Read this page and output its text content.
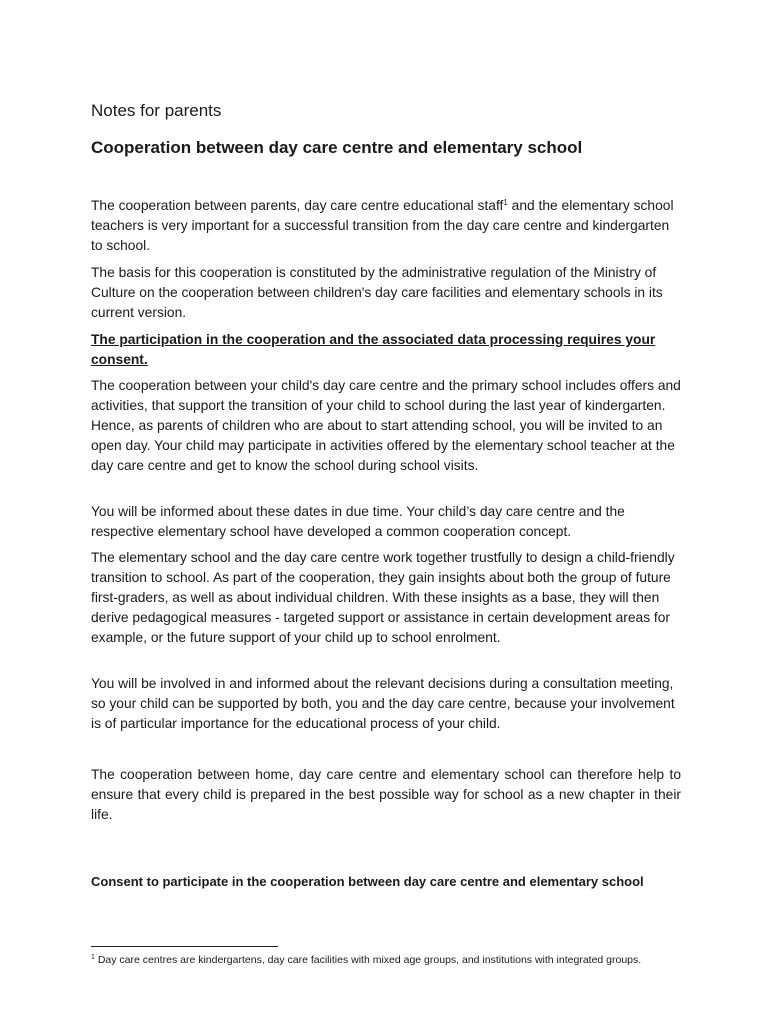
Notes for parents
Cooperation between day care centre and elementary school
The cooperation between parents, day care centre educational staff$^1$ and the elementary school teachers is very important for a successful transition from the day care centre and kindergarten to school.
The basis for this cooperation is constituted by the administrative regulation of the Ministry of Culture on the cooperation between children's day care facilities and elementary schools in its current version.
The participation in the cooperation and the associated data processing requires your consent.
The cooperation between your child's day care centre and the primary school includes offers and activities, that support the transition of your child to school during the last year of kindergarten. Hence, as parents of children who are about to start attending school, you will be invited to an open day. Your child may participate in activities offered by the elementary school teacher at the day care centre and get to know the school during school visits.
You will be informed about these dates in due time. Your child’s day care centre and the respective elementary school have developed a common cooperation concept.
The elementary school and the day care centre work together trustfully to design a child-friendly transition to school. As part of the cooperation, they gain insights about both the group of future first-graders, as well as about individual children. With these insights as a base, they will then derive pedagogical measures - targeted support or assistance in certain development areas for example, or the future support of your child up to school enrolment.
You will be involved in and informed about the relevant decisions during a consultation meeting, so your child can be supported by both, you and the day care centre, because your involvement is of particular importance for the educational process of your child.
The cooperation between home, day care centre and elementary school can therefore help to ensure that every child is prepared in the best possible way for school as a new chapter in their life.
Consent to participate in the cooperation between day care centre and elementary school
$^1$ Day care centres are kindergartens, day care facilities with mixed age groups, and institutions with integrated groups.
